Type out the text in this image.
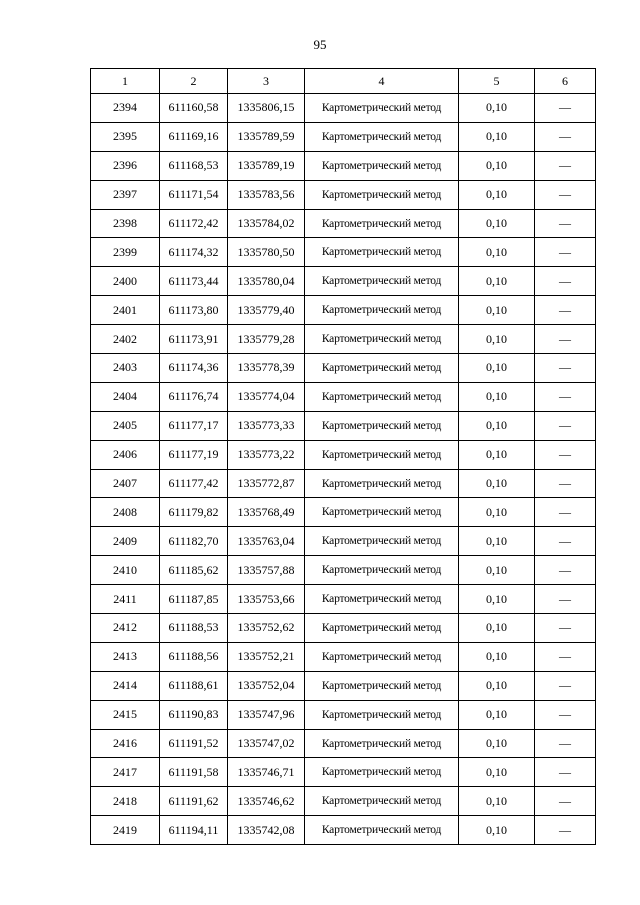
95
1	2	3	4	5	6
2394	611160,58	1335806,15	Картометрический метод	0,10	—
2395	611169,16	1335789,59	Картометрический метод	0,10	—
2396	611168,53	1335789,19	Картометрический метод	0,10	—
2397	611171,54	1335783,56	Картометрический метод	0,10	—
2398	611172,42	1335784,02	Картометрический метод	0,10	—
2399	611174,32	1335780,50	Картометрический метод	0,10	—
2400	611173,44	1335780,04	Картометрический метод	0,10	—
2401	611173,80	1335779,40	Картометрический метод	0,10	—
2402	611173,91	1335779,28	Картометрический метод	0,10	—
2403	611174,36	1335778,39	Картометрический метод	0,10	—
2404	611176,74	1335774,04	Картометрический метод	0,10	—
2405	611177,17	1335773,33	Картометрический метод	0,10	—
2406	611177,19	1335773,22	Картометрический метод	0,10	—
2407	611177,42	1335772,87	Картометрический метод	0,10	—
2408	611179,82	1335768,49	Картометрический метод	0,10	—
2409	611182,70	1335763,04	Картометрический метод	0,10	—
2410	611185,62	1335757,88	Картометрический метод	0,10	—
2411	611187,85	1335753,66	Картометрический метод	0,10	—
2412	611188,53	1335752,62	Картометрический метод	0,10	—
2413	611188,56	1335752,21	Картометрический метод	0,10	—
2414	611188,61	1335752,04	Картометрический метод	0,10	—
2415	611190,83	1335747,96	Картометрический метод	0,10	—
2416	611191,52	1335747,02	Картометрический метод	0,10	—
2417	611191,58	1335746,71	Картометрический метод	0,10	—
2418	611191,62	1335746,62	Картометрический метод	0,10	—
2419	611194,11	1335742,08	Картометрический метод	0,10	—
